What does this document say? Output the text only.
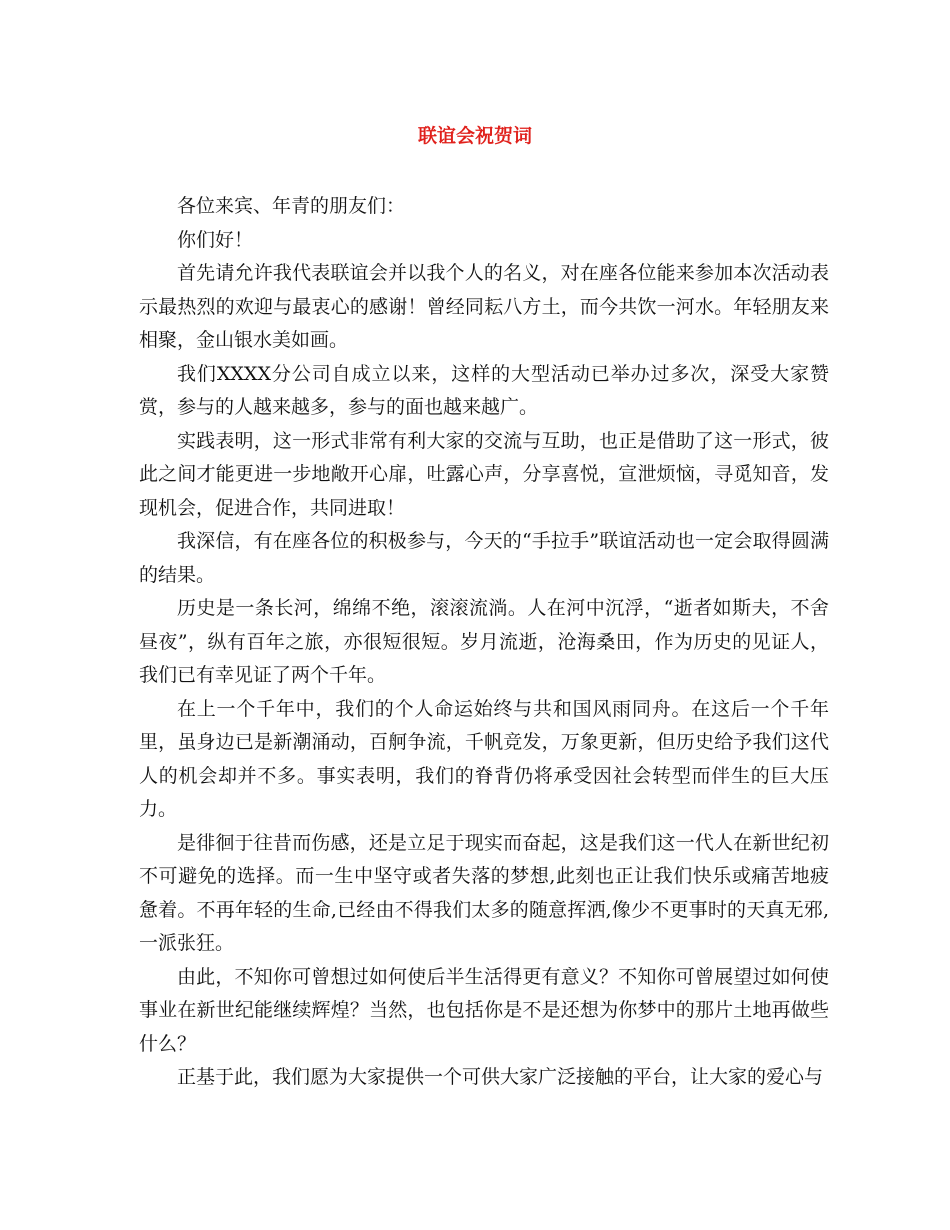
联谊会祝贺词

各位来宾、年青的朋友们：

你们好！

首先请允许我代表联谊会并以我个人的名义，对在座各位能来参加本次活动表示最热烈的欢迎与最衷心的感谢！曾经同耘八方土，而今共饮一河水。年轻朋友来相聚，金山银水美如画。

我们XXXX分公司自成立以来，这样的大型活动已举办过多次，深受大家赞赏，参与的人越来越多，参与的面也越来越广。

实践表明，这一形式非常有利大家的交流与互助，也正是借助了这一形式，彼此之间才能更进一步地敞开心扉，吐露心声，分享喜悦，宣泄烦恼，寻觅知音，发现机会，促进合作，共同进取！

我深信，有在座各位的积极参与，今天的“手拉手”联谊活动也一定会取得圆满的结果。

历史是一条长河，绵绵不绝，滚滚流淌。人在河中沉浮，“逝者如斯夫，不舍昼夜”，纵有百年之旅，亦很短很短。岁月流逝，沧海桑田，作为历史的见证人，我们已有幸见证了两个千年。

在上一个千年中，我们的个人命运始终与共和国风雨同舟。在这后一个千年里，虽身边已是新潮涌动，百舸争流，千帆竞发，万象更新，但历史给予我们这代人的机会却并不多。事实表明，我们的脊背仍将承受因社会转型而伴生的巨大压力。

是徘徊于往昔而伤感，还是立足于现实而奋起，这是我们这一代人在新世纪初不可避免的选择。而一生中坚守或者失落的梦想,此刻也正让我们快乐或痛苦地疲惫着。不再年轻的生命,已经由不得我们太多的随意挥洒,像少不更事时的天真无邪,一派张狂。

由此，不知你可曾想过如何使后半生活得更有意义？不知你可曾展望过如何使事业在新世纪能继续辉煌？当然，也包括你是不是还想为你梦中的那片土地再做些什么？

正基于此，我们愿为大家提供一个可供大家广泛接触的平台，让大家的爱心与
